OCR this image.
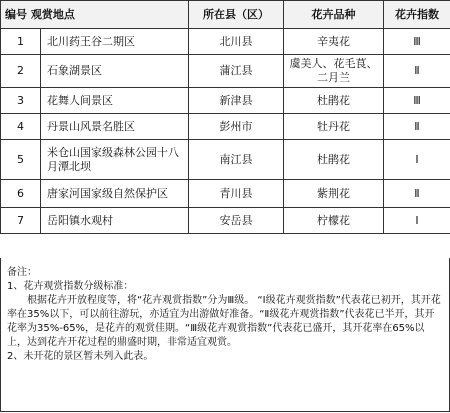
编号 观赏地点		所在县（区）	花卉品种	花卉指数
1	北川药王谷二期区	北川县	辛夷花	Ⅲ
2	石象湖景区	蒲江县	虞美人、花毛茛、二月兰	Ⅱ
3	花舞人间景区	新津县	杜鹃花	Ⅲ
4	丹景山风景名胜区	彭州市	牡丹花	Ⅱ
5	米仓山国家级森林公园十八月潭北坝	南江县	杜鹃花	Ⅰ
6	唐家河国家级自然保护区	青川县	紫荆花	Ⅱ
7	岳阳镇水观村	安岳县	柠檬花	Ⅰ

备注：

1、花卉观赏指数分级标准：

根据花卉开放程度等，将“花卉观赏指数”分为Ⅲ级。 “Ⅰ级花卉观赏指数”代表花已初开，其开花率在35%以下，可以前往游玩，亦适宜为出游做好准备。“Ⅱ级花卉观赏指数”代表花已半开，其开花率为35%-65%，是花卉的观赏佳期。“Ⅲ级花卉观赏指数”代表花已盛开，其开花率在65%以上，达到花卉开花过程的鼎盛时期，非常适宜观赏。

2、未开花的景区暂未列入此表。
